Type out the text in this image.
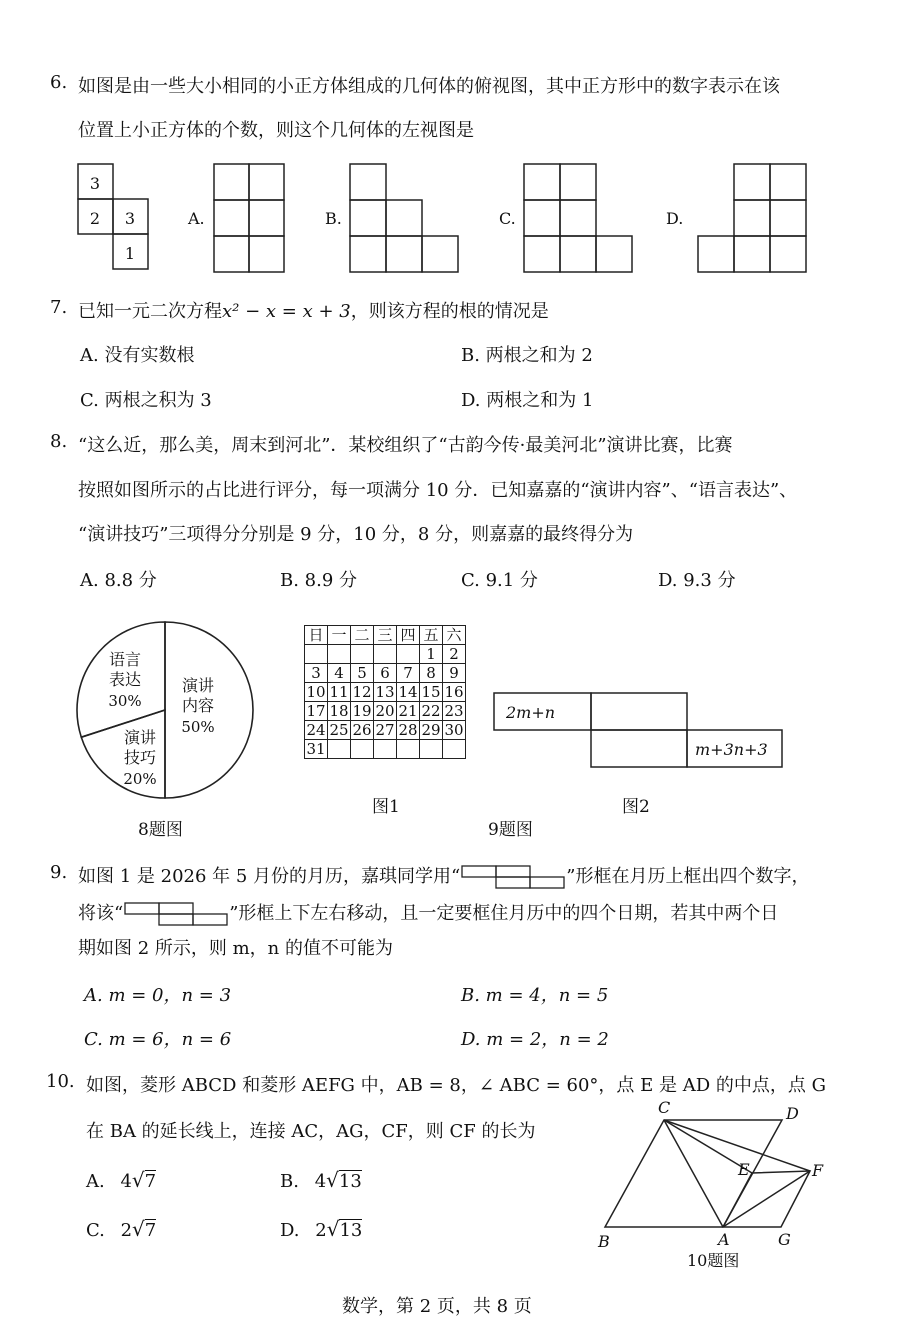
6. 如图是由一些大小相同的小正方体组成的几何体的俯视图，其中正方形中的数字表示在该
位置上小正方体的个数，则这个几何体的左视图是
3
2 3
1
A.	B.	C.	D.
7. 已知一元二次方程x² − x = x + 3，则该方程的根的情况是
A. 没有实数根	B. 两根之和为 2
C. 两根之积为 3	D. 两根之和为 1
8. “这么近，那么美，周末到河北”．某校组织了“古韵今传·最美河北”演讲比赛，比赛
按照如图所示的占比进行评分，每一项满分 10 分．已知嘉嘉的“演讲内容”、“语言表达”、
“演讲技巧”三项得分分别是 9 分，10 分，8 分，则嘉嘉的最终得分为
A. 8.8 分	B. 8.9 分	C. 9.1 分	D. 9.3 分
演讲
内容
50%
语言
表达
30%
演讲
技巧
20%
8题图
日	一	二	三	四	五	六
					1	2
3	4	5	6	7	8	9
10	11	12	13	14	15	16
17	18	19	20	21	22	23
24	25	26	27	28	29	30
31						
图1
2m+n
m+3n+3
图2
9题图
9. 如图 1 是 2026 年 5 月份的月历，嘉琪同学用“	”形框在月历上框出四个数字，
将该“	”形框上下左右移动，且一定要框住月历中的四个日期，若其中两个日
期如图 2 所示，则 m，n 的值不可能为
A. m = 0，n = 3	B. m = 4，n = 5
C. m = 6，n = 6	D. m = 2，n = 2
10. 如图，菱形 ABCD 和菱形 AEFG 中，AB = 8，∠ ABC = 60°，点 E 是 AD 的中点，点 G
在 BA 的延长线上，连接 AC，AG，CF，则 CF 的长为
A. 4√7	B. 4√13
C. 2√7	D. 2√13
C	D
E	F
B	A	G
10题图
数学，第 2 页，共 8 页
